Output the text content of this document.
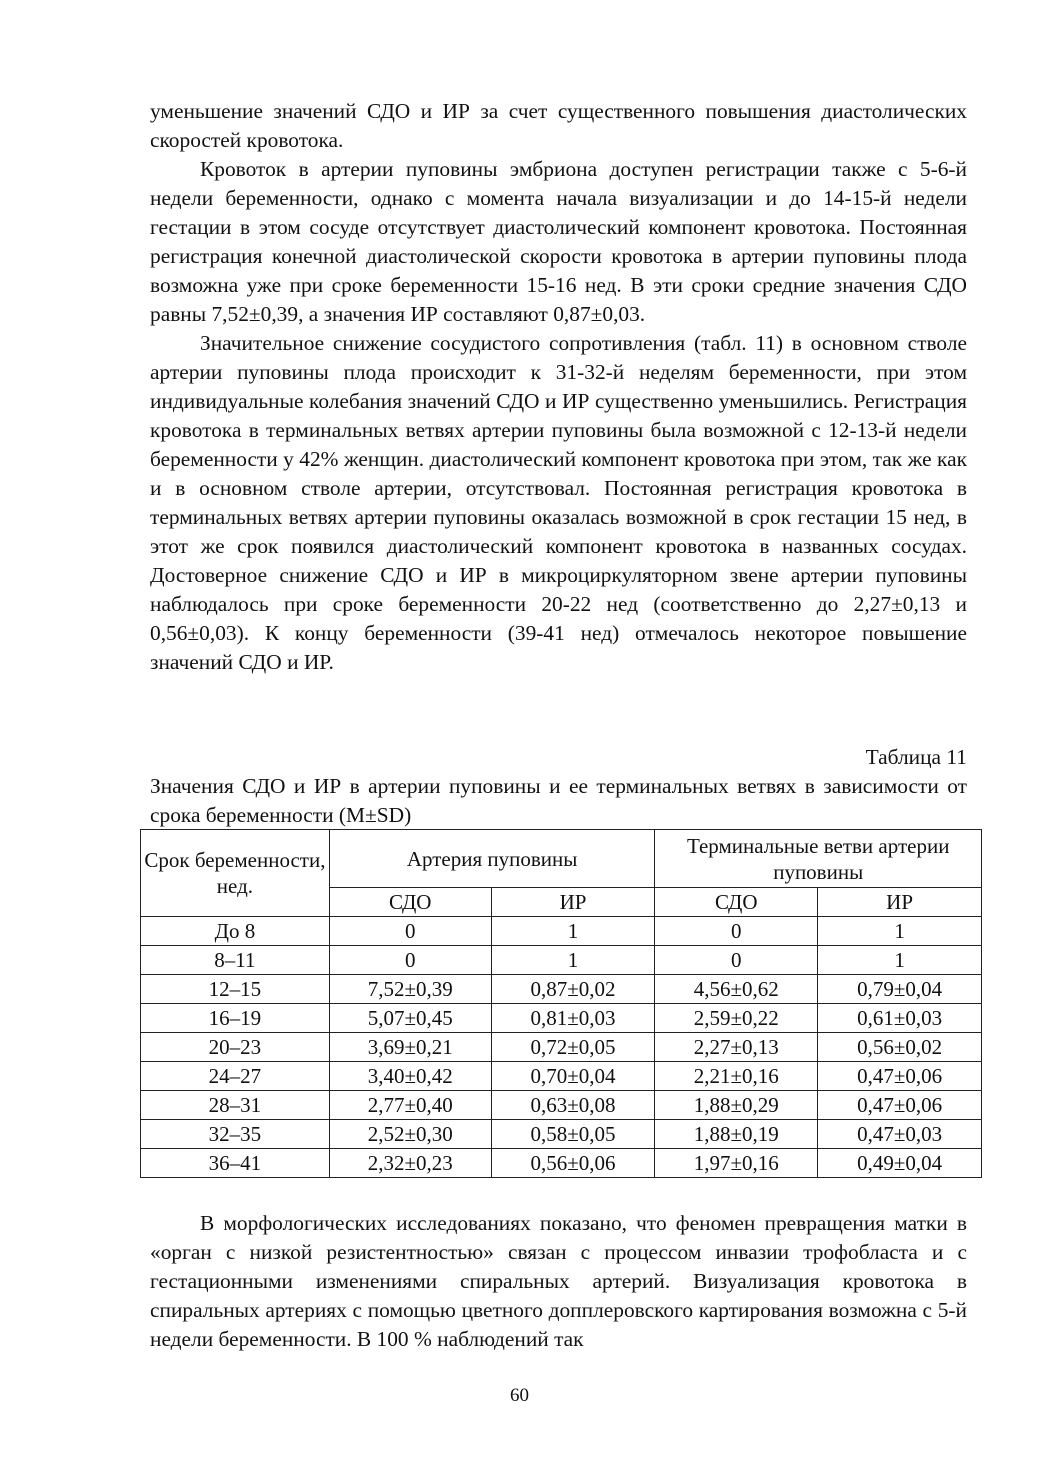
уменьшение значений СДО и ИР за счет существенного повышения диастолических скоростей кровотока.

Кровоток в артерии пуповины эмбриона доступен регистрации также с 5-6-й недели беременности, однако с момента начала визуализации и до 14-15-й недели гестации в этом сосуде отсутствует диастолический компонент кровотока. Постоянная регистрация конечной диастолической скорости кровотока в артерии пуповины плода возможна уже при сроке беременности 15-16 нед. В эти сроки средние значения СДО равны 7,52±0,39, а значения ИР составляют 0,87±0,03.

Значительное снижение сосудистого сопротивления (табл. 11) в основном стволе артерии пуповины плода происходит к 31-32-й неделям беременности, при этом индивидуальные колебания значений СДО и ИР существенно уменьшились. Регистрация кровотока в терминальных ветвях артерии пуповины была возможной с 12-13-й недели беременности у 42% женщин. диастолический компонент кровотока при этом, так же как и в основном стволе артерии, отсутствовал. Постоянная регистрация кровотока в терминальных ветвях артерии пуповины оказалась возможной в срок гестации 15 нед, в этот же срок появился диастолический компонент кровотока в названных сосудах. Достоверное снижение СДО и ИР в микроциркуляторном звене артерии пуповины наблюдалось при сроке беременности 20-22 нед (соответственно до 2,27±0,13 и 0,56±0,03). К концу беременности (39-41 нед) отмечалось некоторое повышение значений СДО и ИР.

Таблица 11
Значения СДО и ИР в артерии пуповины и ее терминальных ветвях в зависимости от срока беременности (M±SD)
Срок беременности, нед.	Артерия пуповины		Терминальные ветви артерии пуповины	
	СДО	ИР	СДО	ИР
До 8	0	1	0	1
8–11	0	1	0	1
12–15	7,52±0,39	0,87±0,02	4,56±0,62	0,79±0,04
16–19	5,07±0,45	0,81±0,03	2,59±0,22	0,61±0,03
20–23	3,69±0,21	0,72±0,05	2,27±0,13	0,56±0,02
24–27	3,40±0,42	0,70±0,04	2,21±0,16	0,47±0,06
28–31	2,77±0,40	0,63±0,08	1,88±0,29	0,47±0,06
32–35	2,52±0,30	0,58±0,05	1,88±0,19	0,47±0,03
36–41	2,32±0,23	0,56±0,06	1,97±0,16	0,49±0,04

В морфологических исследованиях показано, что феномен превращения матки в «орган с низкой резистентностью» связан с процессом инвазии трофобласта и с гестационными изменениями спиральных артерий. Визуализация кровотока в спиральных артериях с помощью цветного допплеровского картирования возможна с 5-й недели беременности. В 100 % наблюдений так

60
